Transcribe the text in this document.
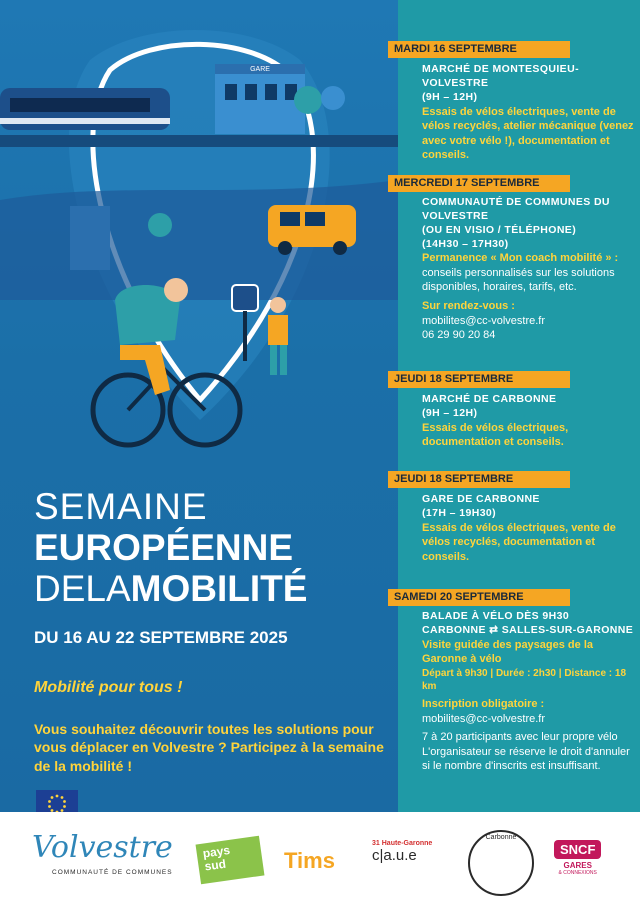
GARE
SEMAINE
EUROPÉENNE
DELAMOBILITÉ
DU 16 AU 22 SEPTEMBRE 2025
Mobilité pour tous !
Vous souhaitez découvrir toutes les solutions pour vous déplacer en Volvestre ? Participez à la semaine de la mobilité !
MARDI 16 SEPTEMBRE
MARCHÉ DE MONTESQUIEU-VOLVESTRE
(9H – 12H)
Essais de vélos électriques, vente de vélos recyclés, atelier mécanique (venez avec votre vélo !), documentation et conseils.
MERCREDI 17 SEPTEMBRE
COMMUNAUTÉ DE COMMUNES DU VOLVESTRE
(OU EN VISIO / TÉLÉPHONE)
(14H30 – 17H30)
Permanence « Mon coach mobilité » :
conseils personnalisés sur les solutions disponibles, horaires, tarifs, etc.
Sur rendez-vous :
mobilites@cc-volvestre.fr
06 29 90 20 84
JEUDI 18 SEPTEMBRE
MARCHÉ DE CARBONNE
(9H – 12H)
Essais de vélos électriques, documentation et conseils.
JEUDI 18 SEPTEMBRE
GARE DE CARBONNE
(17H – 19H30)
Essais de vélos électriques, vente de vélos recyclés, documentation et conseils.
SAMEDI 20 SEPTEMBRE
BALADE À VÉLO DÈS 9H30
CARBONNE ⇄ SALLES-SUR-GARONNE
Visite guidée des paysages de la Garonne à vélo
Départ à 9h30 | Durée : 2h30 | Distance : 18 km
Inscription obligatoire :
mobilites@cc-volvestre.fr
7 à 20 participants avec leur propre vélo
L'organisateur se réserve le droit d'annuler si le nombre d'inscrits est insuffisant.
Volvestre
COMMUNAUTÉ DE COMMUNES
pays sud	Tims
31 Haute-Garonne
c|a.u.e
Carbonne
SNCF
GARES
& CONNEXIONS
